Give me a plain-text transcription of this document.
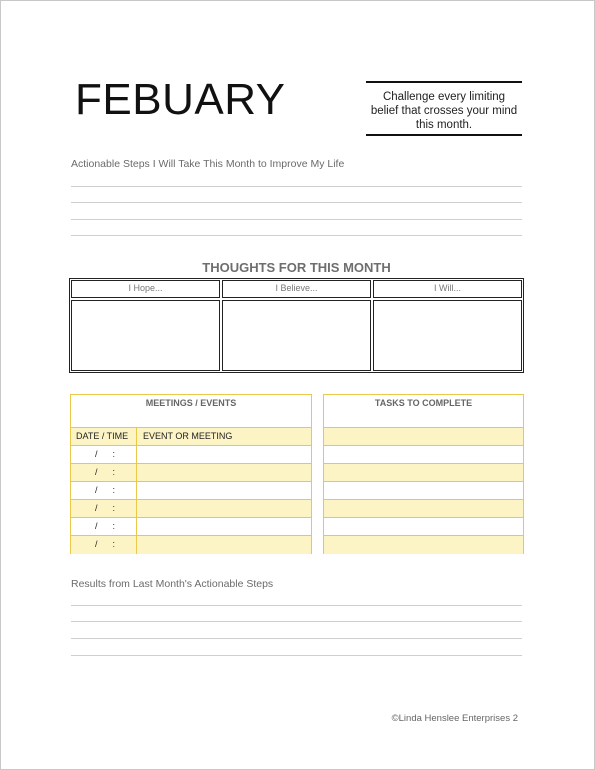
FEBUARY	Challenge every limiting
belief that crosses your mind
this month.
Actionable Steps I Will Take This Month to Improve My Life
THOUGHTS FOR THIS MONTH
I Hope...	I Believe...	I Will...
MEETINGS / EVENTS
DATE / TIME	EVENT OR MEETING
/      :
/      :
/      :
/      :
/      :
/      :
TASKS TO COMPLETE
Results from Last Month's Actionable Steps
©Linda Henslee Enterprises 2
